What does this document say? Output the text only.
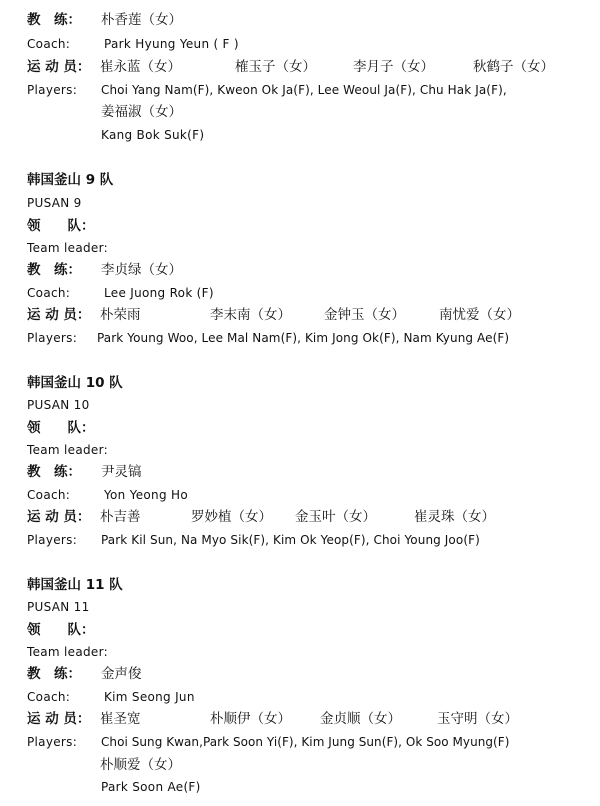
教　练： 朴香莲（女）
Coach:	Park Hyung Yeun ( F )
运 动 员： 崔永蓝（女）	榷玉子（女）	李月子（女）	秋鹤子（女）
Players: Choi Yang Nam(F), Kweon Ok Ja(F), Lee Weoul Ja(F), Chu Hak Ja(F),
姜福淑（女）
Kang Bok Suk(F)
韩国釜山 9 队
PUSAN 9
领　　队：
Team leader:
教　练： 李贞绿（女）
Coach:	Lee Juong Rok (F)
运 动 员： 朴荣雨	李末南（女） 金钟玉（女）	南忧爱（女）
Players: Park Young Woo, Lee Mal Nam(F), Kim Jong Ok(F), Nam Kyung Ae(F)
韩国釜山 10 队
PUSAN 10
领　　队：
Team leader:
教　练： 尹灵镐
Coach:	Yon Yeong Ho
运 动 员： 朴吉善	罗妙植（女） 金玉叶（女）	崔灵珠（女）
Players: Park Kil Sun, Na Myo Sik(F), Kim Ok Yeop(F), Choi Young Joo(F)
韩国釜山 11 队
PUSAN 11
领　　队：
Team leader:
教　练： 金声俊
Coach:	Kim Seong Jun
运 动 员： 崔圣宽	朴顺伊（女） 金贞顺（女）	玉守明（女）
Players: Choi Sung Kwan,Park Soon Yi(F), Kim Jung Sun(F), Ok Soo Myung(F)
朴顺爱（女）
Park Soon Ae(F)
